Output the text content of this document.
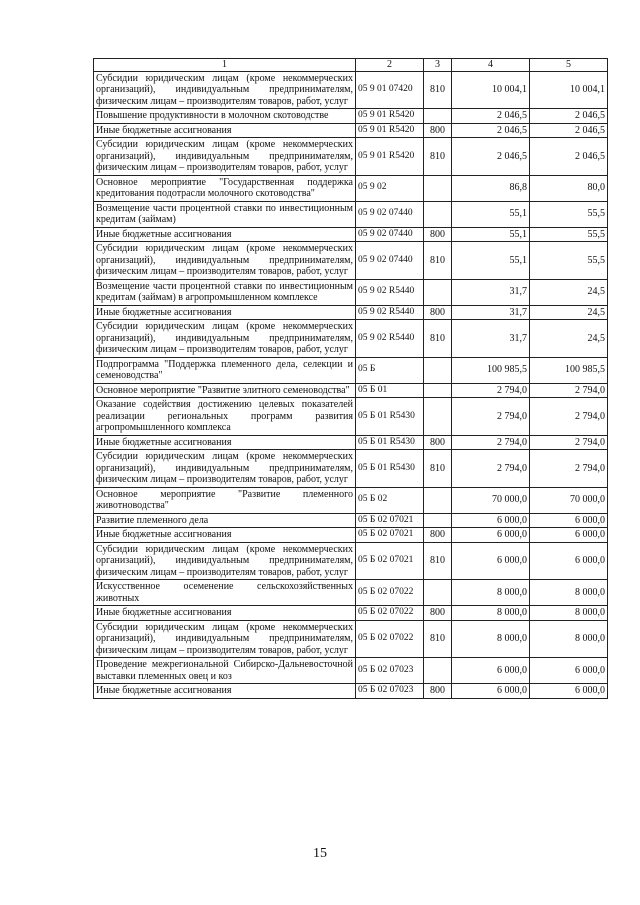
1	2	3	4	5
Субсидии юридическим лицам (кроме некоммерческих организаций), индивидуальным предпринимателям, физическим лицам – производителям товаров, работ, услуг	05 9 01 07420	810	10 004,1	10 004,1
Повышение продуктивности в молочном скотоводстве	05 9 01 R5420		2 046,5	2 046,5
Иные бюджетные ассигнования	05 9 01 R5420	800	2 046,5	2 046,5
Субсидии юридическим лицам (кроме некоммерческих организаций), индивидуальным предпринимателям, физическим лицам – производителям товаров, работ, услуг	05 9 01 R5420	810	2 046,5	2 046,5
Основное мероприятие "Государственная поддержка кредитования подотрасли молочного скотоводства"	05 9 02		86,8	80,0
Возмещение части процентной ставки по инвестиционным кредитам (займам)	05 9 02 07440		55,1	55,5
Иные бюджетные ассигнования	05 9 02 07440	800	55,1	55,5
Субсидии юридическим лицам (кроме некоммерческих организаций), индивидуальным предпринимателям, физическим лицам – производителям товаров, работ, услуг	05 9 02 07440	810	55,1	55,5
Возмещение части процентной ставки по инвестиционным кредитам (займам) в агропромышленном комплексе	05 9 02 R5440		31,7	24,5
Иные бюджетные ассигнования	05 9 02 R5440	800	31,7	24,5
Субсидии юридическим лицам (кроме некоммерческих организаций), индивидуальным предпринимателям, физическим лицам – производителям товаров, работ, услуг	05 9 02 R5440	810	31,7	24,5
Подпрограмма "Поддержка племенного дела, селекции и семеноводства"	05 Б		100 985,5	100 985,5
Основное мероприятие "Развитие элитного семеноводства"	05 Б 01		2 794,0	2 794,0
Оказание содействия достижению целевых показателей реализации региональных программ развития агропромышленного комплекса	05 Б 01 R5430		2 794,0	2 794,0
Иные бюджетные ассигнования	05 Б 01 R5430	800	2 794,0	2 794,0
Субсидии юридическим лицам (кроме некоммерческих организаций), индивидуальным предпринимателям, физическим лицам – производителям товаров, работ, услуг	05 Б 01 R5430	810	2 794,0	2 794,0
Основное мероприятие "Развитие племенного животноводства"	05 Б 02		70 000,0	70 000,0
Развитие племенного дела	05 Б 02 07021		6 000,0	6 000,0
Иные бюджетные ассигнования	05 Б 02 07021	800	6 000,0	6 000,0
Субсидии юридическим лицам (кроме некоммерческих организаций), индивидуальным предпринимателям, физическим лицам – производителям товаров, работ, услуг	05 Б 02 07021	810	6 000,0	6 000,0
Искусственное осеменение сельскохозяйственных животных	05 Б 02 07022		8 000,0	8 000,0
Иные бюджетные ассигнования	05 Б 02 07022	800	8 000,0	8 000,0
Субсидии юридическим лицам (кроме некоммерческих организаций), индивидуальным предпринимателям, физическим лицам – производителям товаров, работ, услуг	05 Б 02 07022	810	8 000,0	8 000,0
Проведение межрегиональной Сибирско-Дальневосточной выставки племенных овец и коз	05 Б 02 07023		6 000,0	6 000,0
Иные бюджетные ассигнования	05 Б 02 07023	800	6 000,0	6 000,0
15
